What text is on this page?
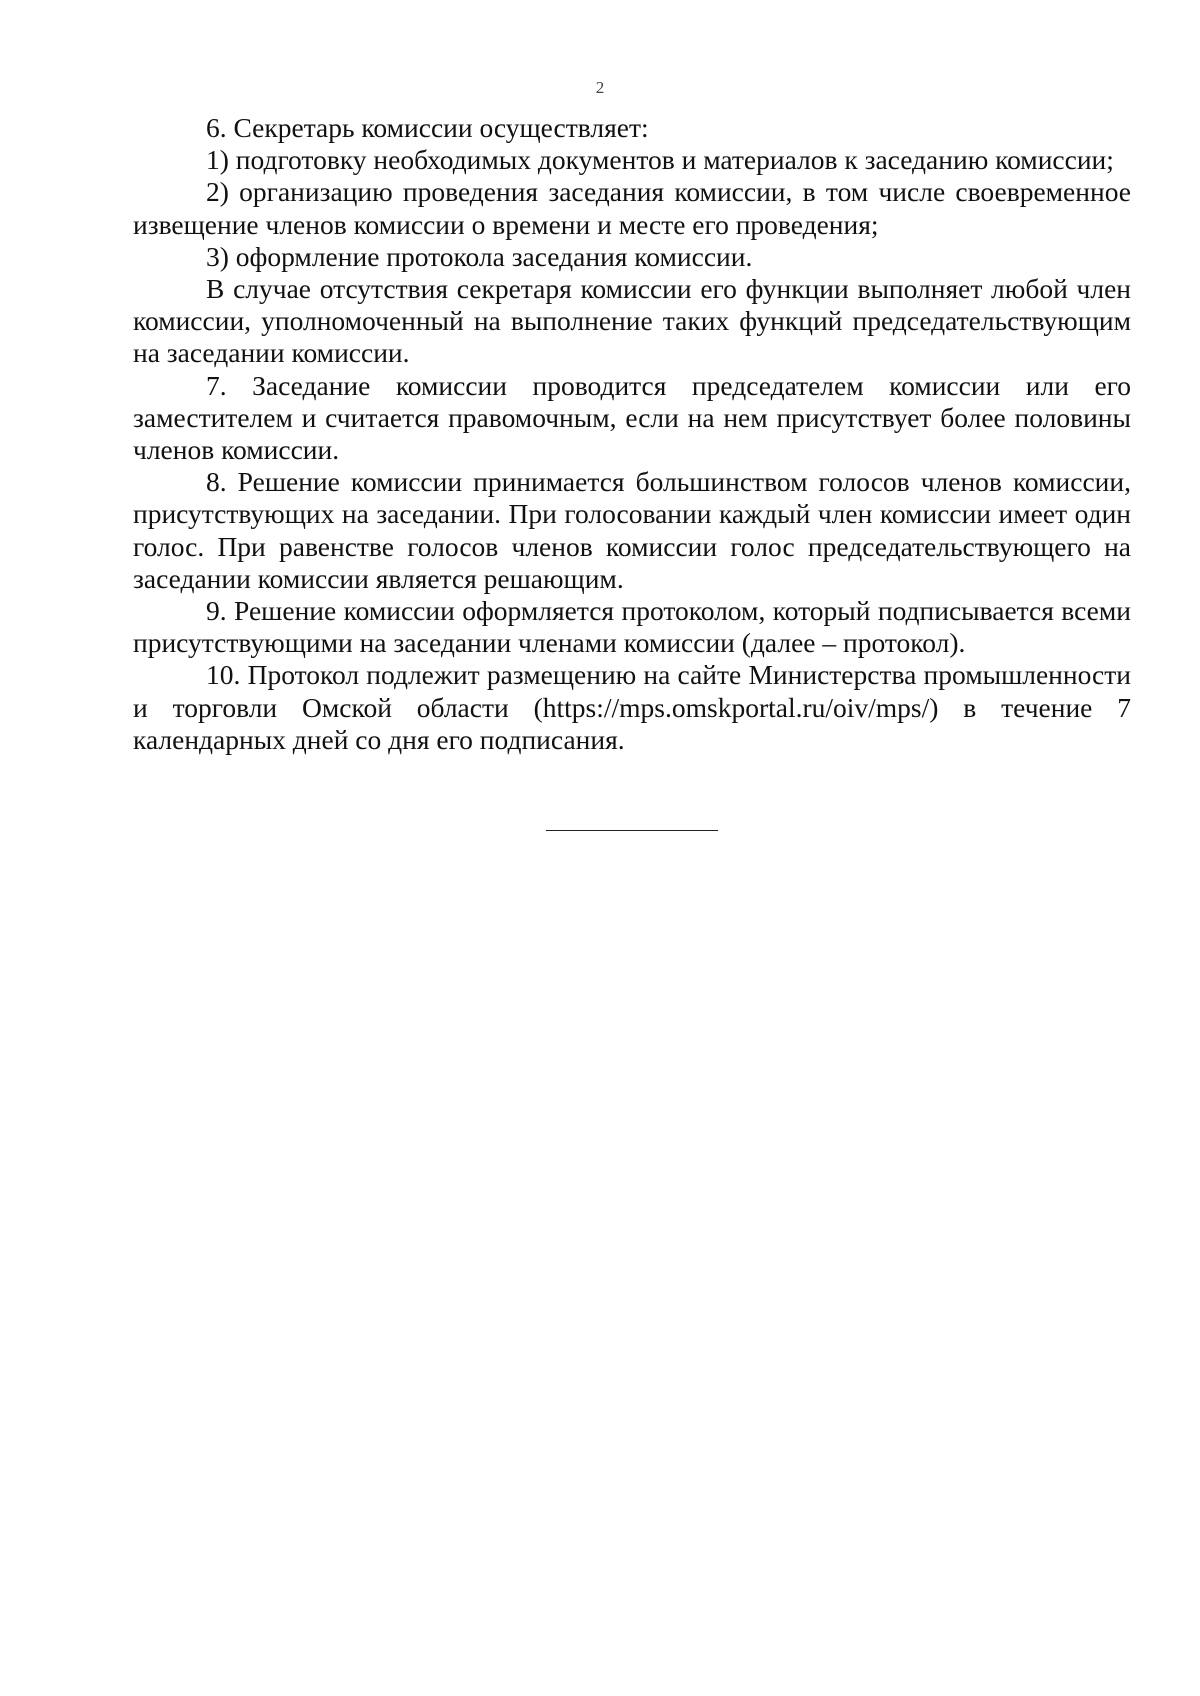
2

6. Секретарь комиссии осуществляет:

1) подготовку необходимых документов и материалов к заседанию комиссии;

2) организацию проведения заседания комиссии, в том числе своевременное извещение членов комиссии о времени и месте его проведения;

3) оформление протокола заседания комиссии.

В случае отсутствия секретаря комиссии его функции выполняет любой член комиссии, уполномоченный на выполнение таких функций председательствующим на заседании комиссии.

7. Заседание комиссии проводится председателем комиссии или его заместителем и считается правомочным, если на нем присутствует более половины членов комиссии.

8. Решение комиссии принимается большинством голосов членов комиссии, присутствующих на заседании. При голосовании каждый член комиссии имеет один голос. При равенстве голосов членов комиссии голос председательствующего на заседании комиссии является решающим.

9. Решение комиссии оформляется протоколом, который подписывается всеми присутствующими на заседании членами комиссии (далее – протокол).

10. Протокол подлежит размещению на сайте Министерства промышленности и торговли Омской области (https://mps.omskportal.ru/oiv/mps/) в течение 7 календарных дней со дня его подписания.
